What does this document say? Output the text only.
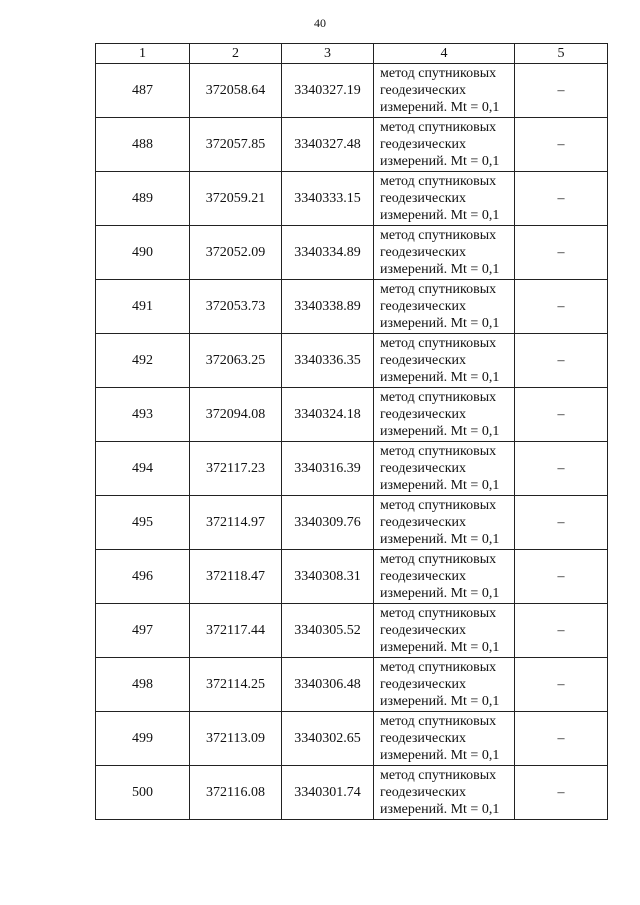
40
1	2	3	4	5
487	372058.64	3340327.19	метод спутниковых
геодезических
измерений. Mt = 0,1	–
488	372057.85	3340327.48	метод спутниковых
геодезических
измерений. Mt = 0,1	–
489	372059.21	3340333.15	метод спутниковых
геодезических
измерений. Mt = 0,1	–
490	372052.09	3340334.89	метод спутниковых
геодезических
измерений. Mt = 0,1	–
491	372053.73	3340338.89	метод спутниковых
геодезических
измерений. Mt = 0,1	–
492	372063.25	3340336.35	метод спутниковых
геодезических
измерений. Mt = 0,1	–
493	372094.08	3340324.18	метод спутниковых
геодезических
измерений. Mt = 0,1	–
494	372117.23	3340316.39	метод спутниковых
геодезических
измерений. Mt = 0,1	–
495	372114.97	3340309.76	метод спутниковых
геодезических
измерений. Mt = 0,1	–
496	372118.47	3340308.31	метод спутниковых
геодезических
измерений. Mt = 0,1	–
497	372117.44	3340305.52	метод спутниковых
геодезических
измерений. Mt = 0,1	–
498	372114.25	3340306.48	метод спутниковых
геодезических
измерений. Mt = 0,1	–
499	372113.09	3340302.65	метод спутниковых
геодезических
измерений. Mt = 0,1	–
500	372116.08	3340301.74	метод спутниковых
геодезических
измерений. Mt = 0,1	–
